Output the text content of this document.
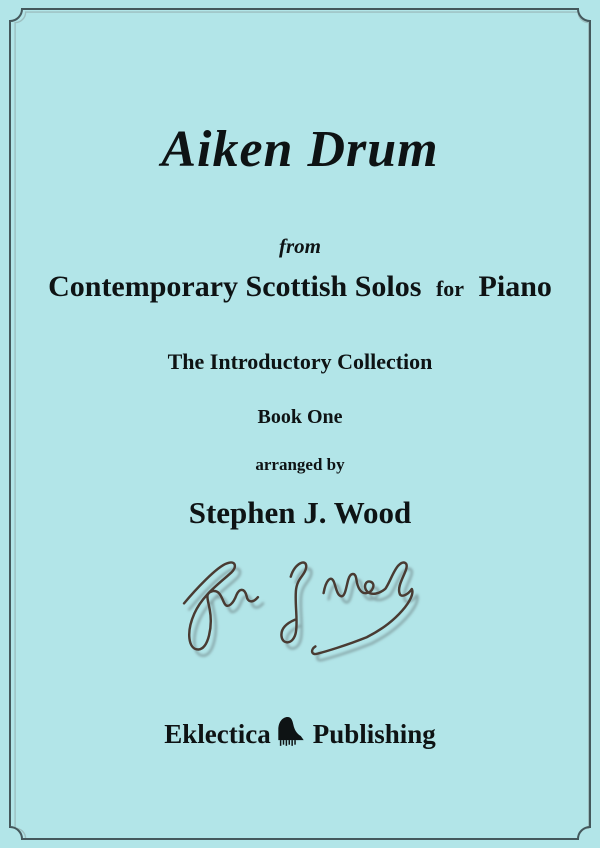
Aiken Drum
from
Contemporary Scottish Solos for Piano
The Introductory Collection
Book One
arranged by
Stephen J. Wood
Eklectica Publishing
